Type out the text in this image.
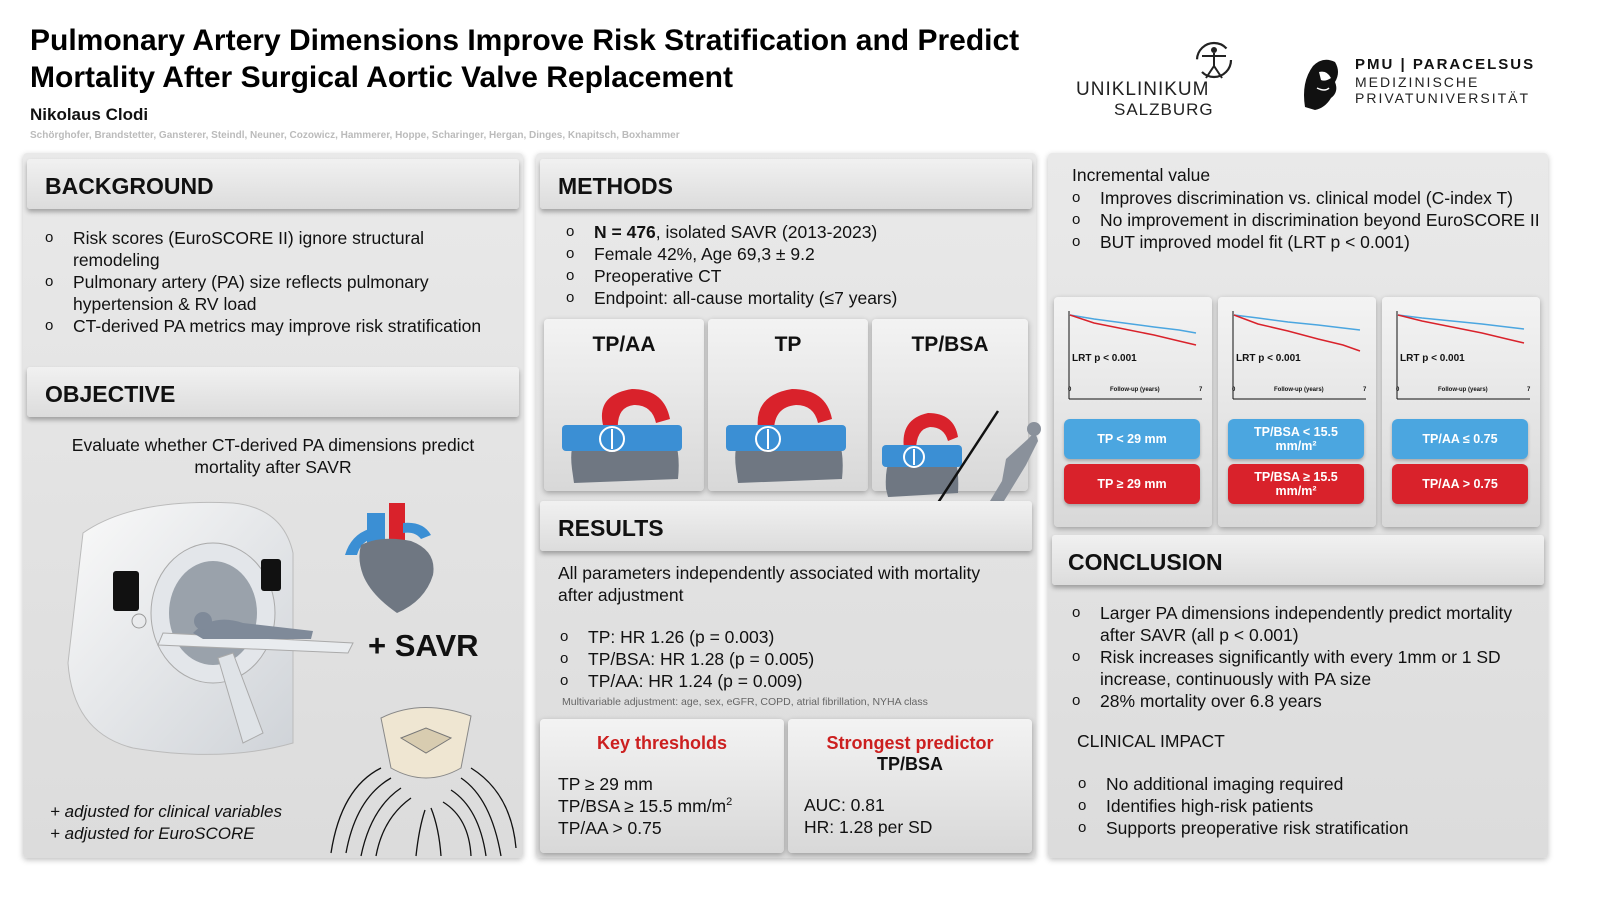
Pulmonary Artery Dimensions Improve Risk Stratification and Predict Mortality After Surgical Aortic Valve Replacement
Nikolaus Clodi
Schörghofer, Brandstetter, Gansterer, Steindl, Neuner, Cozowicz, Hammerer, Hoppe, Scharinger, Hergan, Dinges, Knapitsch, Boxhammer
UNIKLINIKUM
SALZBURG
PMU | PARACELSUS
MEDIZINISCHE
PRIVATUNIVERSITÄT
BACKGROUND
o Risk scores (EuroSCORE II) ignore structural remodeling
o Pulmonary artery (PA) size reflects pulmonary hypertension & RV load
o CT-derived PA metrics may improve risk stratification
OBJECTIVE
Evaluate whether CT-derived PA dimensions predict mortality after SAVR
+ SAVR
+ adjusted for clinical variables
+ adjusted for EuroSCORE
METHODS
o N = 476, isolated SAVR (2013-2023)
o Female 42%, Age 69,3 ± 9.2
o Preoperative CT
o Endpoint: all-cause mortality (≤7 years)
TP/AA	TP	TP/BSA
RESULTS
All parameters independently associated with mortality after adjustment
o TP: HR 1.26 (p = 0.003)
o TP/BSA: HR 1.28 (p = 0.005)
o TP/AA: HR 1.24 (p = 0.009)
Multivariable adjustment: age, sex, eGFR, COPD, atrial fibrillation, NYHA class
Key thresholds
TP ≥ 29 mm
TP/BSA ≥ 15.5 $mm/m^2$
TP/AA > 0.75
Strongest predictor
TP/BSA
AUC: 0.81
HR: 1.28 per SD
Incremental value
o Improves discrimination vs. clinical model (C-index T)
o No improvement in discrimination beyond EuroSCORE II
o BUT improved model fit (LRT p < 0.001)
LRT p < 0.001
0	Follow-up (years)	7
TP < 29 mm
TP ≥ 29 mm
LRT p < 0.001
0	Follow-up (years)	7
TP/BSA < 15.5 mm/m²
TP/BSA ≥ 15.5 mm/m²
LRT p < 0.001
0	Follow-up (years)	7
TP/AA ≤ 0.75
TP/AA > 0.75
CONCLUSION
o Larger PA dimensions independently predict mortality after SAVR (all p < 0.001)
o Risk increases significantly with every 1mm or 1 SD increase, continuously with PA size
o 28% mortality over 6.8 years
CLINICAL IMPACT
o No additional imaging required
o Identifies high-risk patients
o Supports preoperative risk stratification
